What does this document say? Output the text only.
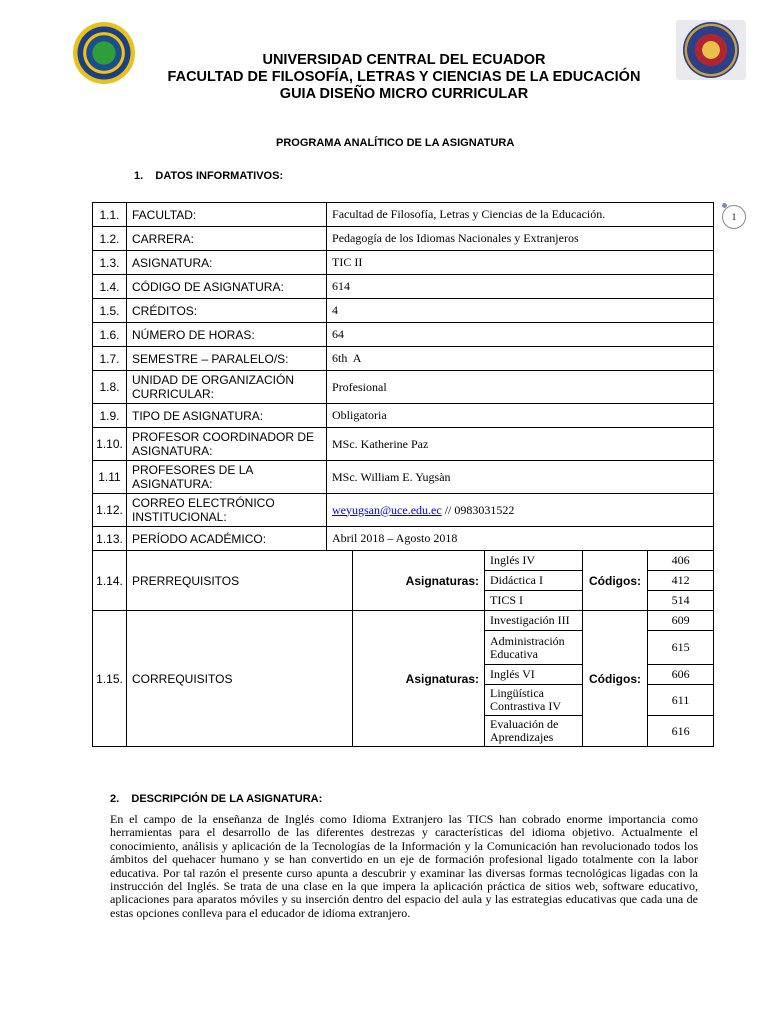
UNIVERSIDAD CENTRAL DEL ECUADOR
FACULTAD DE FILOSOFÍA, LETRAS Y CIENCIAS DE LA EDUCACIÓN
GUIA DISEÑO MICRO CURRICULAR
PROGRAMA ANALÍTICO DE LA ASIGNATURA
1.    DATOS INFORMATIVOS:
1
1.1.	FACULTAD:	Facultad de Filosofía, Letras y Ciencias de la Educación.				
1.2.	CARRERA:	Pedagogía de los Idiomas Nacionales y Extranjeros				
1.3.	ASIGNATURA:	TIC II				
1.4.	CÓDIGO DE ASIGNATURA:	614				
1.5.	CRÉDITOS:	4				
1.6.	NÚMERO DE HORAS:	64				
1.7.	SEMESTRE – PARALELO/S:	6th  A				
1.8.	UNIDAD DE ORGANIZACIÓN CURRICULAR:	Profesional				
1.9.	TIPO DE ASIGNATURA:	Obligatoria				
1.10.	PROFESOR COORDINADOR DE ASIGNATURA:	MSc. Katherine Paz				
1.11	PROFESORES DE LA ASIGNATURA:	MSc. William E. Yugsàn				
1.12.	CORREO ELECTRÓNICO INSTITUCIONAL:	weyugsan@uce.edu.ec // 0983031522				
1.13.	PERÍODO ACADÉMICO:	Abril 2018 – Agosto 2018				
1.14.	PRERREQUISITOS		Asignaturas:	Inglés IV	Códigos:	406
				Didáctica I		412
				TICS I		514
1.15.	CORREQUISITOS		Asignaturas:	Investigación III	Códigos:	609
				Administración Educativa		615
				Inglés VI		606
				Lingüística Contrastiva IV		611
				Evaluación de Aprendizajes		616
2.    DESCRIPCIÓN DE LA ASIGNATURA:
En el campo de la enseñanza de Inglés como Idioma Extranjero las TICS han cobrado enorme importancia como herramientas para el desarrollo de las diferentes destrezas y características del idioma objetivo. Actualmente el conocimiento, análisis y aplicación de la Tecnologías de la Información y la Comunicación han revolucionado todos los ámbitos del quehacer humano y se han convertido en un eje de formación profesional ligado totalmente con la labor educativa. Por tal razón el presente curso apunta a descubrir y examinar las diversas formas tecnológicas ligadas con la instrucción del Inglés. Se trata de una clase en la que impera la aplicación práctica de sitios web, software educativo, aplicaciones para aparatos móviles y su inserción dentro del espacio del aula y las estrategias educativas que cada una de estas opciones conlleva para el educador de idioma extranjero.
